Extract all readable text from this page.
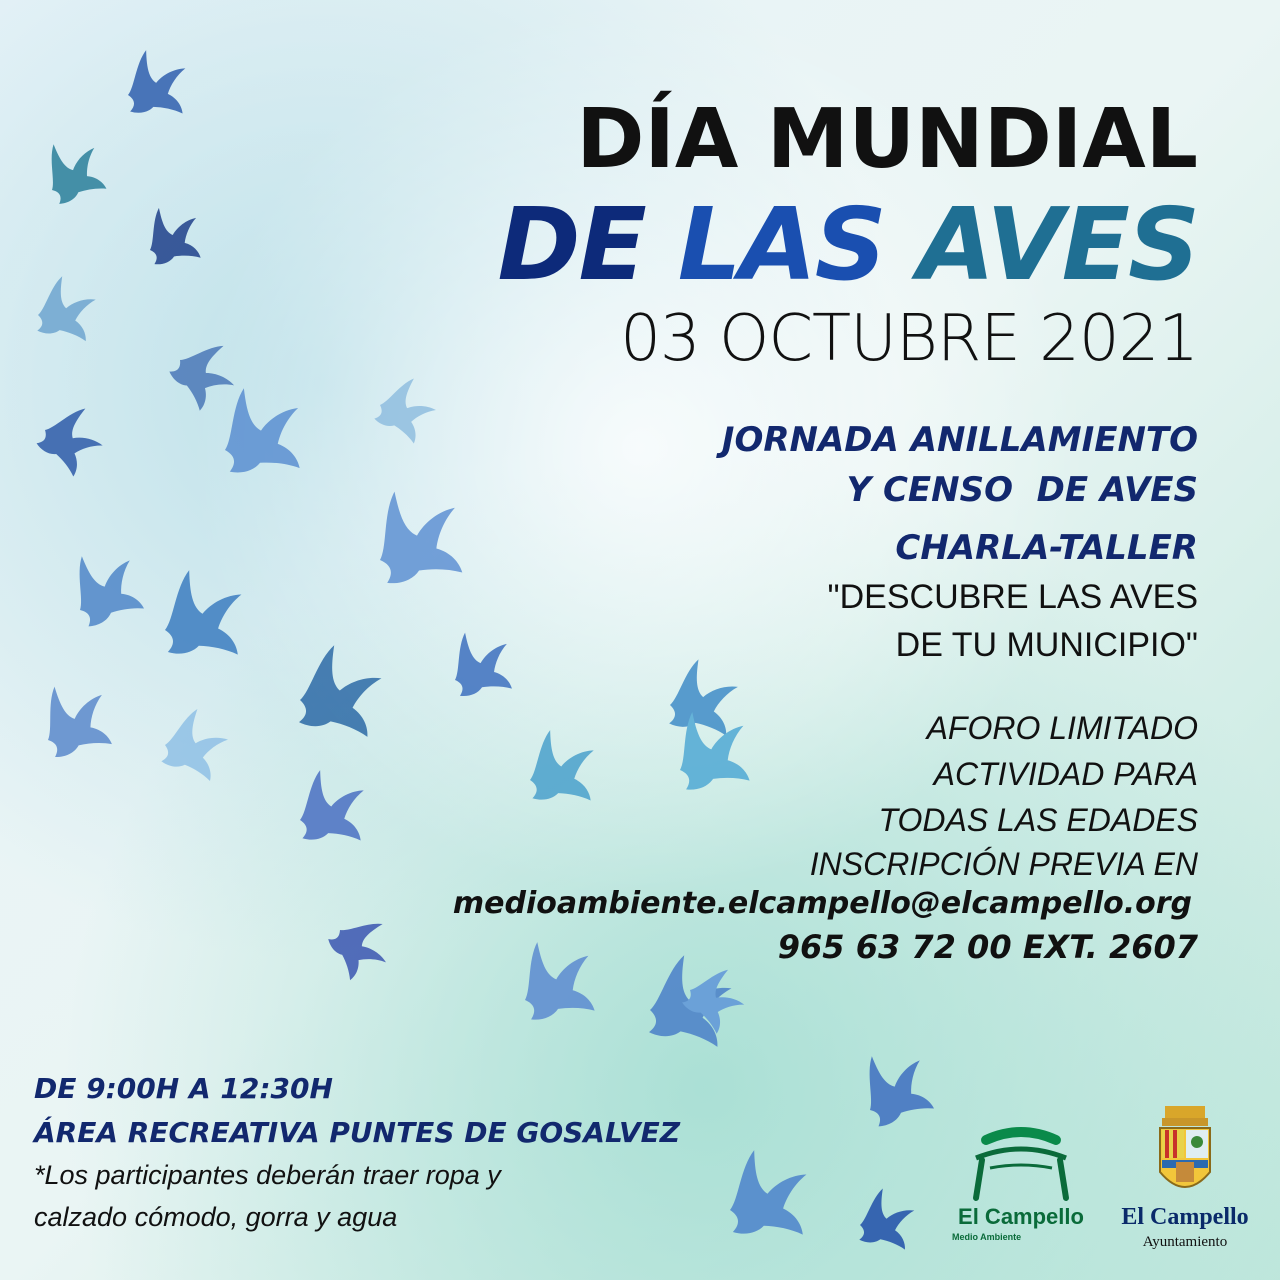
DÍA MUNDIAL
DE LAS AVES
03 OCTUBRE 2021
JORNADA ANILLAMIENTO
Y CENSO  DE AVES
CHARLA-TALLER
"DESCUBRE LAS AVES
DE TU MUNICIPIO"
AFORO LIMITADO
ACTIVIDAD PARA
TODAS LAS EDADES
INSCRIPCIÓN PREVIA EN
medioambiente.elcampello@elcampello.org
965 63 72 00 EXT. 2607
DE 9:00H A 12:30H
ÁREA RECREATIVA PUNTES DE GOSALVEZ
*Los participantes deberán traer ropa y
calzado cómodo, gorra y agua	El Campello
Medio Ambiente
El Campello
Ayuntamiento
